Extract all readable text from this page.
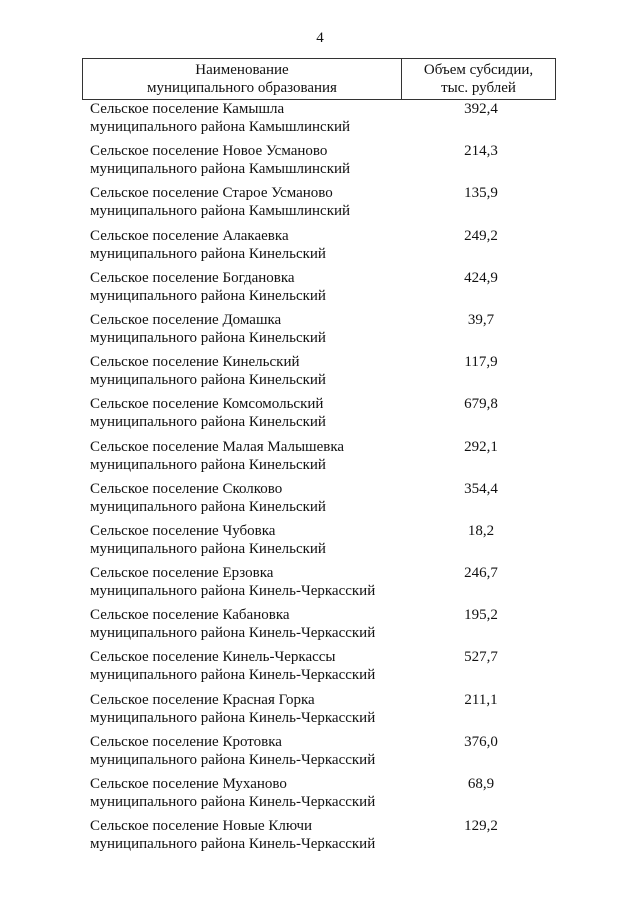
4
Наименование
муниципального образования
Объем субсидии,
тыс. рублей
Сельское поселение Камышла
муниципального района Камышлинский
392,4
Сельское поселение Новое Усманово
муниципального района Камышлинский
214,3
Сельское поселение Старое Усманово
муниципального района Камышлинский
135,9
Сельское поселение Алакаевка
муниципального района Кинельский
249,2
Сельское поселение Богдановка
муниципального района Кинельский
424,9
Сельское поселение Домашка
муниципального района Кинельский
39,7
Сельское поселение Кинельский
муниципального района Кинельский
117,9
Сельское поселение Комсомольский
муниципального района Кинельский
679,8
Сельское поселение Малая Малышевка
муниципального района Кинельский
292,1
Сельское поселение Сколково
муниципального района Кинельский
354,4
Сельское поселение Чубовка
муниципального района Кинельский
18,2
Сельское поселение Ерзовка
муниципального района Кинель-Черкасский
246,7
Сельское поселение Кабановка
муниципального района Кинель-Черкасский
195,2
Сельское поселение Кинель-Черкассы
муниципального района Кинель-Черкасский
527,7
Сельское поселение Красная Горка
муниципального района Кинель-Черкасский
211,1
Сельское поселение Кротовка
муниципального района Кинель-Черкасский
376,0
Сельское поселение Муханово
муниципального района Кинель-Черкасский
68,9
Сельское поселение Новые Ключи
муниципального района Кинель-Черкасский
129,2
